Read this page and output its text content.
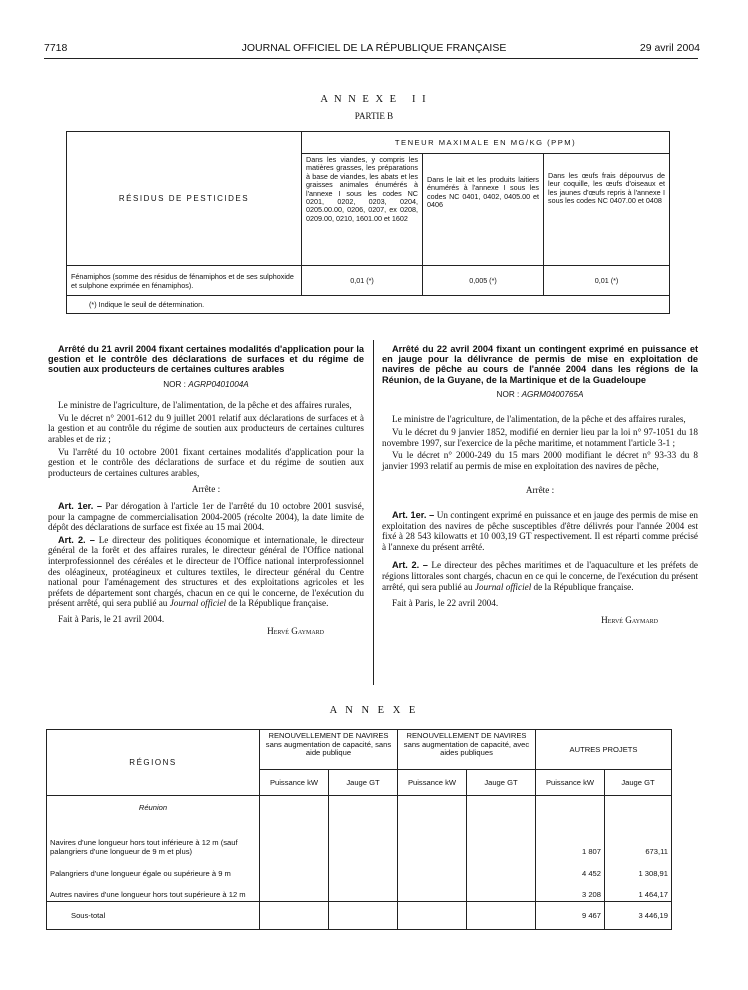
7718	JOURNAL OFFICIEL DE LA RÉPUBLIQUE FRANÇAISE	29 avril 2004
A N N E X E   I I
PARTIE B
RÉSIDUS DE PESTICIDES	TENEUR MAXIMALE EN MG/KG (PPM)		
	Dans les viandes, y compris les matières grasses, les préparations à base de viandes, les abats et les graisses animales énumérés à l'annexe I sous les codes NC 0201, 0202, 0203, 0204, 0205.00.00, 0206, 0207, ex 0208, 0209.00, 0210, 1601.00 et 1602	Dans le lait et les produits laitiers énumérés à l'annexe I sous les codes NC 0401, 0402, 0405.00 et 0406	Dans les œufs frais dépourvus de leur coquille, les œufs d'oiseaux et les jaunes d'œufs repris à l'annexe I sous les codes NC 0407.00 et 0408
Fénamiphos (somme des résidus de fénamiphos et de ses sulphoxide et sulphone exprimée en fénamiphos).	0,01 (*)	0,005 (*)	0,01 (*)
(*) Indique le seuil de détermination.			

Arrêté du 21 avril 2004 fixant certaines modalités d'application pour la gestion et le contrôle des déclarations de surfaces et du régime de soutien aux producteurs de certaines cultures arables

NOR : AGRP0401004A

Le ministre de l'agriculture, de l'alimentation, de la pêche et des affaires rurales,

Vu le décret n° 2001-612 du 9 juillet 2001 relatif aux déclarations de surfaces et à la gestion et au contrôle du régime de soutien aux producteurs de certaines cultures arables et de riz ;

Vu l'arrêté du 10 octobre 2001 fixant certaines modalités d'application pour la gestion et le contrôle des déclarations de surface et du régime de soutien aux producteurs de certaines cultures arables,

Arrête :

Art. 1er. – Par dérogation à l'article 1er de l'arrêté du 10 octobre 2001 susvisé, pour la campagne de commercialisation 2004-2005 (récolte 2004), la date limite de dépôt des déclarations de surface est fixée au 15 mai 2004.

Art. 2. – Le directeur des politiques économique et internationale, le directeur général de la forêt et des affaires rurales, le directeur général de l'Office national interprofessionnel des céréales et le directeur de l'Office national interprofessionnel des oléagineux, protéagineux et cultures textiles, le directeur général du Centre national pour l'aménagement des structures et des exploitations agricoles et les préfets de département sont chargés, chacun en ce qui le concerne, de l'exécution du présent arrêté, qui sera publié au Journal officiel de la République française.

Fait à Paris, le 21 avril 2004.

Hervé Gaymard

Arrêté du 22 avril 2004 fixant un contingent exprimé en puissance et en jauge pour la délivrance de permis de mise en exploitation de navires de pêche au cours de l'année 2004 dans les régions de la Réunion, de la Guyane, de la Martinique et de la Guadeloupe

NOR : AGRM0400765A

Le ministre de l'agriculture, de l'alimentation, de la pêche et des affaires rurales,

Vu le décret du 9 janvier 1852, modifié en dernier lieu par la loi n° 97-1051 du 18 novembre 1997, sur l'exercice de la pêche maritime, et notamment l'article 3-1 ;

Vu le décret n° 2000-249 du 15 mars 2000 modifiant le décret n° 93-33 du 8 janvier 1993 relatif au permis de mise en exploitation des navires de pêche,

Arrête :

Art. 1er. – Un contingent exprimé en puissance et en jauge des permis de mise en exploitation des navires de pêche susceptibles d'être délivrés pour l'année 2004 est fixé à 28 543 kilowatts et 10 003,19 GT respectivement. Il est réparti comme précisé à l'annexe du présent arrêté.

Art. 2. – Le directeur des pêches maritimes et de l'aquaculture et les préfets de régions littorales sont chargés, chacun en ce qui le concerne, de l'exécution du présent arrêté, qui sera publié au Journal officiel de la République française.

Fait à Paris, le 22 avril 2004.

Hervé Gaymard

A N N E X E
RÉGIONS	RENOUVELLEMENT DE NAVIRES
sans augmentation de capacité, sans aide publique		RENOUVELLEMENT DE NAVIRES
sans augmentation de capacité, avec aides publiques		AUTRES PROJETS	
	Puissance kW	Jauge GT	Puissance kW	Jauge GT	Puissance kW	Jauge GT
Réunion						
Navires d'une longueur hors tout inférieure à 12 m (sauf palangriers d'une longueur de 9 m et plus)					1 807	673,11
Palangriers d'une longueur égale ou supérieure à 9 m					4 452	1 308,91
Autres navires d'une longueur hors tout supérieure à 12 m					3 208	1 464,17
Sous-total					9 467	3 446,19
